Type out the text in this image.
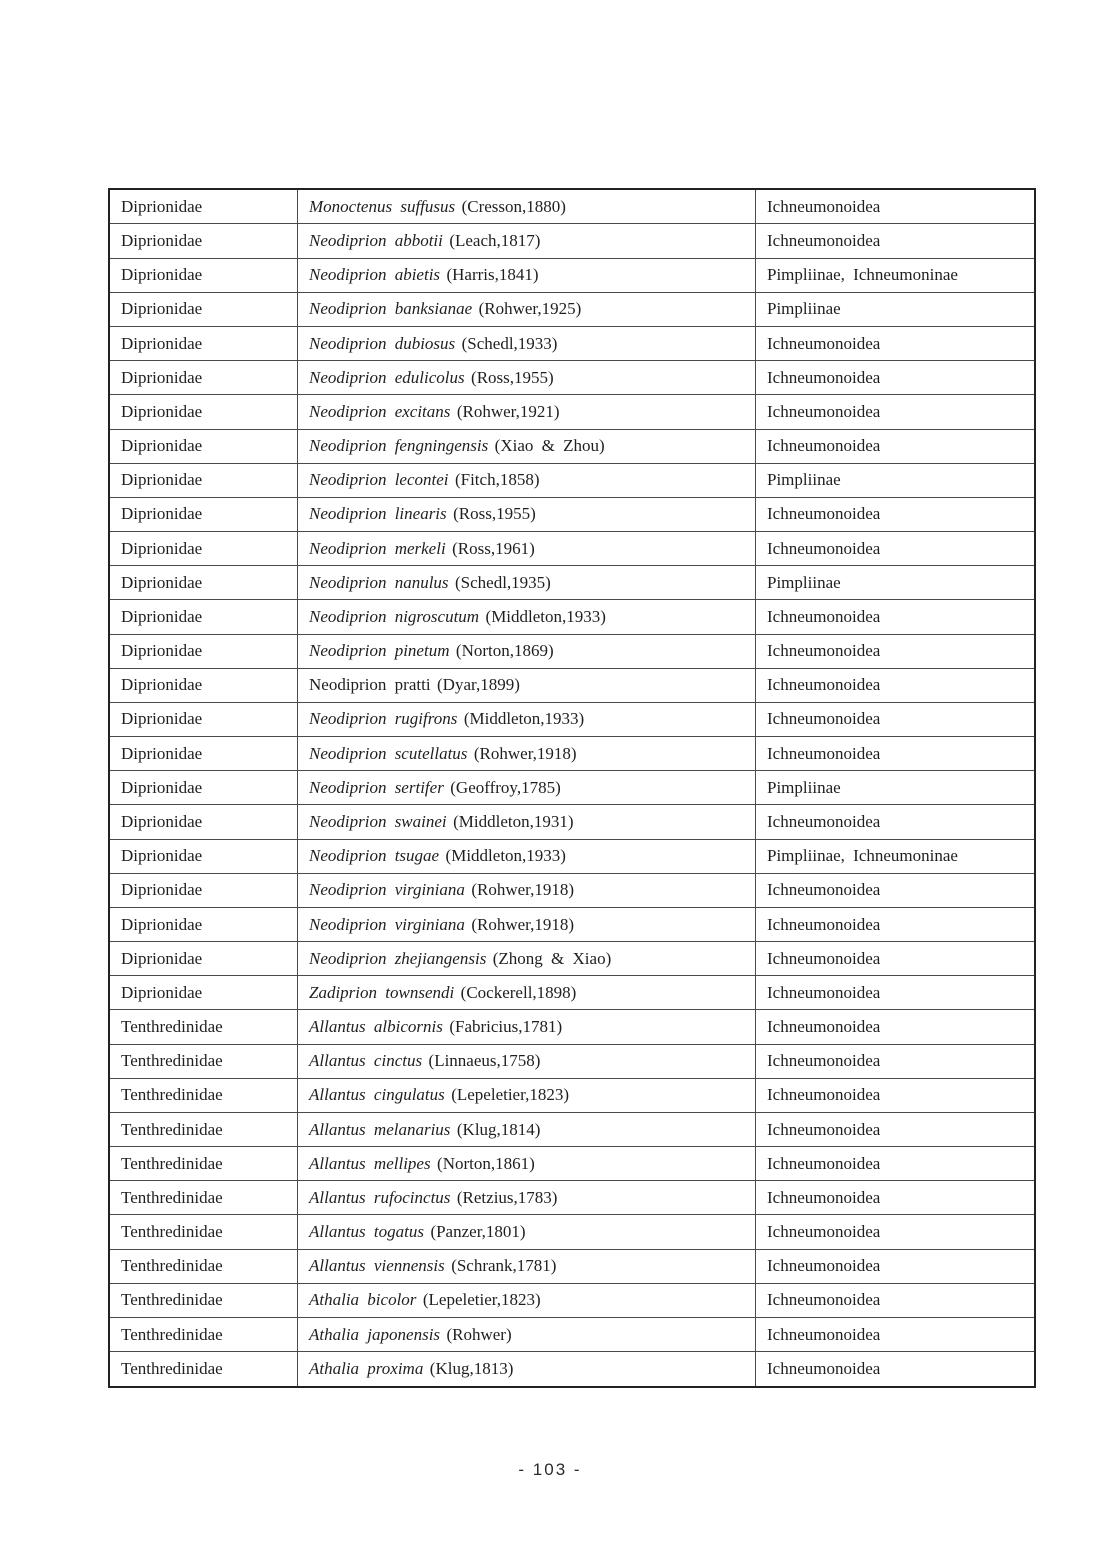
Diprionidae	Monoctenus suffusus (Cresson,1880)	Ichneumonoidea
Diprionidae	Neodiprion abbotii (Leach,1817)	Ichneumonoidea
Diprionidae	Neodiprion abietis (Harris,1841)	Pimpliinae, Ichneumoninae
Diprionidae	Neodiprion banksianae (Rohwer,1925)	Pimpliinae
Diprionidae	Neodiprion dubiosus (Schedl,1933)	Ichneumonoidea
Diprionidae	Neodiprion edulicolus (Ross,1955)	Ichneumonoidea
Diprionidae	Neodiprion excitans (Rohwer,1921)	Ichneumonoidea
Diprionidae	Neodiprion fengningensis (Xiao & Zhou)	Ichneumonoidea
Diprionidae	Neodiprion lecontei (Fitch,1858)	Pimpliinae
Diprionidae	Neodiprion linearis (Ross,1955)	Ichneumonoidea
Diprionidae	Neodiprion merkeli (Ross,1961)	Ichneumonoidea
Diprionidae	Neodiprion nanulus (Schedl,1935)	Pimpliinae
Diprionidae	Neodiprion nigroscutum (Middleton,1933)	Ichneumonoidea
Diprionidae	Neodiprion pinetum (Norton,1869)	Ichneumonoidea
Diprionidae	Neodiprion pratti (Dyar,1899)	Ichneumonoidea
Diprionidae	Neodiprion rugifrons (Middleton,1933)	Ichneumonoidea
Diprionidae	Neodiprion scutellatus (Rohwer,1918)	Ichneumonoidea
Diprionidae	Neodiprion sertifer (Geoffroy,1785)	Pimpliinae
Diprionidae	Neodiprion swainei (Middleton,1931)	Ichneumonoidea
Diprionidae	Neodiprion tsugae (Middleton,1933)	Pimpliinae, Ichneumoninae
Diprionidae	Neodiprion virginiana (Rohwer,1918)	Ichneumonoidea
Diprionidae	Neodiprion virginiana (Rohwer,1918)	Ichneumonoidea
Diprionidae	Neodiprion zhejiangensis (Zhong & Xiao)	Ichneumonoidea
Diprionidae	Zadiprion townsendi (Cockerell,1898)	Ichneumonoidea
Tenthredinidae	Allantus albicornis (Fabricius,1781)	Ichneumonoidea
Tenthredinidae	Allantus cinctus (Linnaeus,1758)	Ichneumonoidea
Tenthredinidae	Allantus cingulatus (Lepeletier,1823)	Ichneumonoidea
Tenthredinidae	Allantus melanarius (Klug,1814)	Ichneumonoidea
Tenthredinidae	Allantus mellipes (Norton,1861)	Ichneumonoidea
Tenthredinidae	Allantus rufocinctus (Retzius,1783)	Ichneumonoidea
Tenthredinidae	Allantus togatus (Panzer,1801)	Ichneumonoidea
Tenthredinidae	Allantus viennensis (Schrank,1781)	Ichneumonoidea
Tenthredinidae	Athalia bicolor (Lepeletier,1823)	Ichneumonoidea
Tenthredinidae	Athalia japonensis (Rohwer)	Ichneumonoidea
Tenthredinidae	Athalia proxima (Klug,1813)	Ichneumonoidea
- 103 -
